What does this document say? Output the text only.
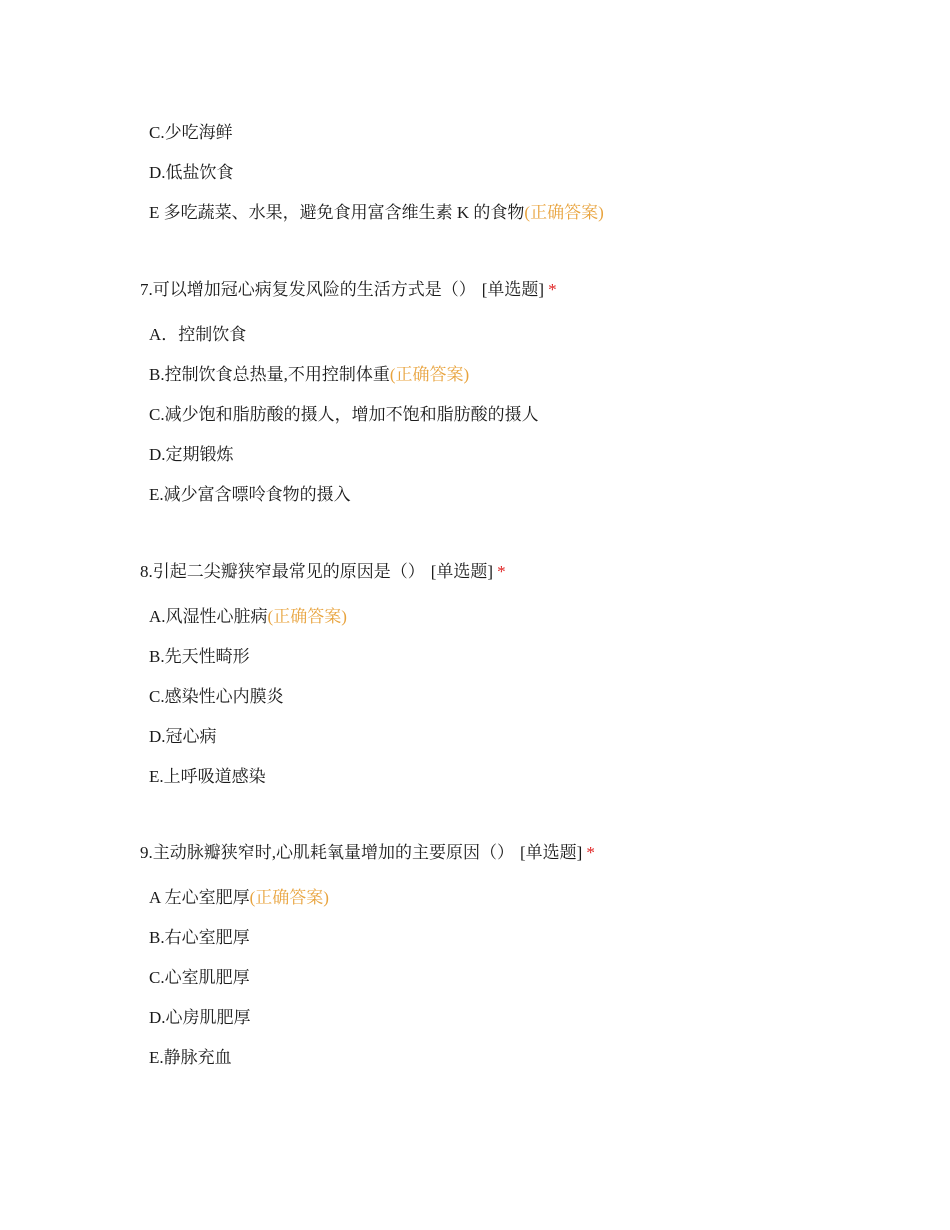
C.少吃海鲜
D.低盐饮食
E 多吃蔬菜、水果，避免食用富含维生素 K 的食物(正确答案)
7.可以增加冠心病复发风险的生活方式是（） [单选题] *
A．控制饮食
B.控制饮食总热量,不用控制体重(正确答案)
C.减少饱和脂肪酸的摄人，增加不饱和脂肪酸的摄人
D.定期锻炼
E.减少富含嘌呤食物的摄入
8.引起二尖瓣狭窄最常见的原因是（） [单选题] *
A.风湿性心脏病(正确答案)
B.先天性畸形
C.感染性心内膜炎
D.冠心病
E.上呼吸道感染
9.主动脉瓣狭窄时,心肌耗氧量增加的主要原因（） [单选题] *
A 左心室肥厚(正确答案)
B.右心室肥厚
C.心室肌肥厚
D.心房肌肥厚
E.静脉充血
